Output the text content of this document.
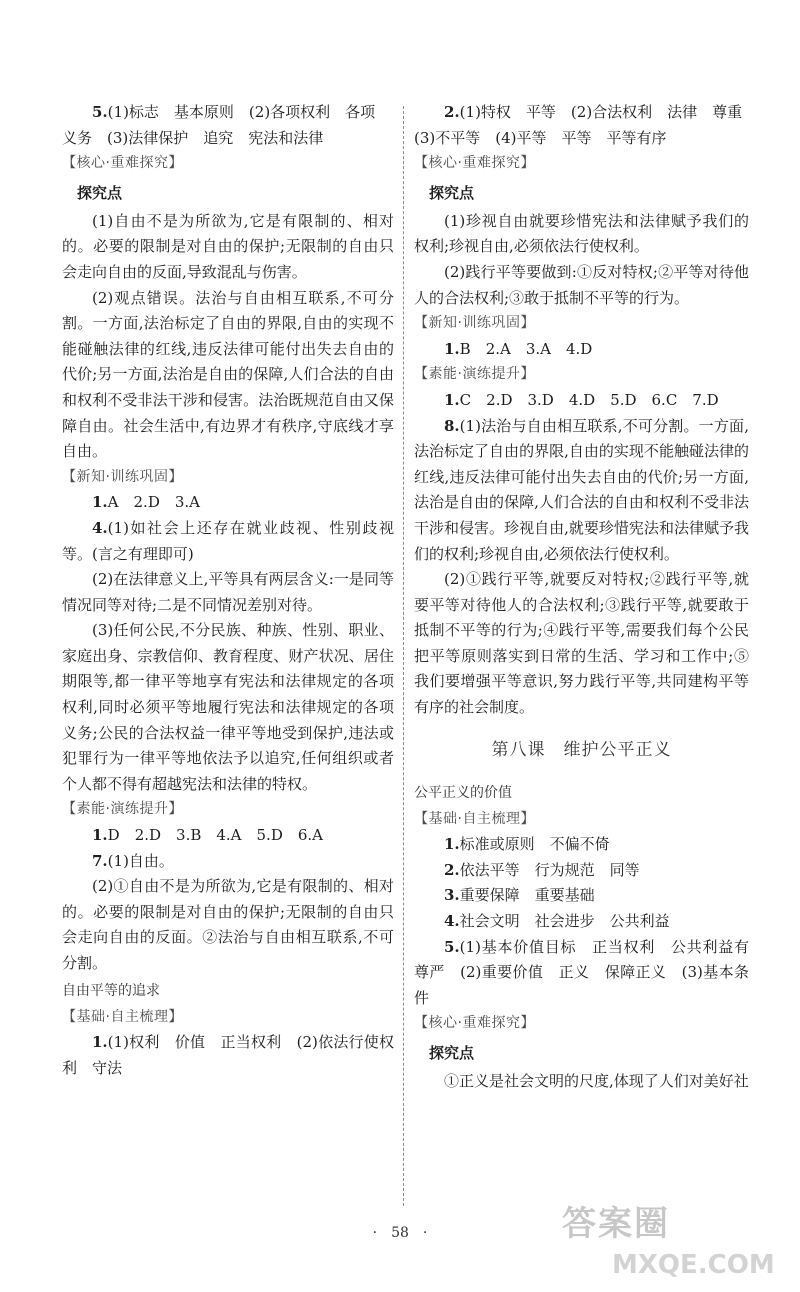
5.(1)标志　基本原则　(2)各项权利　各项

义务　(3)法律保护　追究　宪法和法律

【核心·重难探究】

探究点

(1)自由不是为所欲为,它是有限制的、相对的。必要的限制是对自由的保护;无限制的自由只会走向自由的反面,导致混乱与伤害。

(2)观点错误。法治与自由相互联系,不可分割。一方面,法治标定了自由的界限,自由的实现不能碰触法律的红线,违反法律可能付出失去自由的代价;另一方面,法治是自由的保障,人们合法的自由和权利不受非法干涉和侵害。法治既规范自由又保障自由。社会生活中,有边界才有秩序,守底线才享自由。

【新知·训练巩固】

1.A　2.D　3.A

4.(1)如社会上还存在就业歧视、性别歧视等。(言之有理即可)

(2)在法律意义上,平等具有两层含义:一是同等情况同等对待;二是不同情况差别对待。

(3)任何公民,不分民族、种族、性别、职业、家庭出身、宗教信仰、教育程度、财产状况、居住期限等,都一律平等地享有宪法和法律规定的各项权利,同时必须平等地履行宪法和法律规定的各项义务;公民的合法权益一律平等地受到保护,违法或犯罪行为一律平等地依法予以追究,任何组织或者个人都不得有超越宪法和法律的特权。

【素能·演练提升】

1.D　2.D　3.B　4.A　5.D　6.A

7.(1)自由。

(2)①自由不是为所欲为,它是有限制的、相对的。必要的限制是对自由的保护;无限制的自由只会走向自由的反面。②法治与自由相互联系,不可分割。

自由平等的追求

【基础·自主梳理】

1.(1)权利　价值　正当权利　(2)依法行使权利　守法

2.(1)特权　平等　(2)合法权利　法律　尊重

(3)不平等　(4)平等　平等　平等有序

【核心·重难探究】

探究点

(1)珍视自由就要珍惜宪法和法律赋予我们的权利;珍视自由,必须依法行使权利。

(2)践行平等要做到:①反对特权;②平等对待他人的合法权利;③敢于抵制不平等的行为。

【新知·训练巩固】

1.B　2.A　3.A　4.D

【素能·演练提升】

1.C　2.D　3.D　4.D　5.D　6.C　7.D

8.(1)法治与自由相互联系,不可分割。一方面,法治标定了自由的界限,自由的实现不能触碰法律的红线,违反法律可能付出失去自由的代价;另一方面,法治是自由的保障,人们合法的自由和权利不受非法干涉和侵害。珍视自由,就要珍惜宪法和法律赋予我们的权利;珍视自由,必须依法行使权利。

(2)①践行平等,就要反对特权;②践行平等,就要平等对待他人的合法权利;③践行平等,就要敢于抵制不平等的行为;④践行平等,需要我们每个公民把平等原则落实到日常的生活、学习和工作中;⑤我们要增强平等意识,努力践行平等,共同建构平等有序的社会制度。

第八课　维护公平正义

公平正义的价值

【基础·自主梳理】

1.标准或原则　不偏不倚

2.依法平等　行为规范　同等

3.重要保障　重要基础

4.社会文明　社会进步　公共利益

5.(1)基本价值目标　正当权利　公共利益有尊严　(2)重要价值　正义　保障正义　(3)基本条件

【核心·重难探究】

探究点

①正义是社会文明的尺度,体现了人们对美好社

·　58　·	答案圈
MXQE.COM
